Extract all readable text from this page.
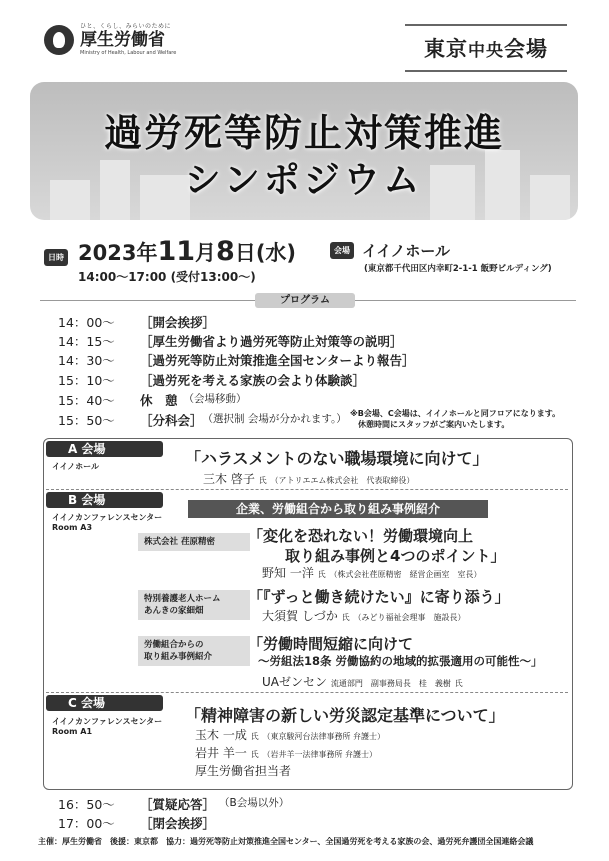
ひと、くらし、みらいのために
厚生労働省
Ministry of Health, Labour and Welfare	東京中央会場
過労死等防止対策推進
シンポジウム
日時 2023年11月8日(水)
14:00～17:00 (受付13:00～)
会場 イイノホール
(東京都千代田区内幸町2-1-1 飯野ビルディング)
プログラム
14：00～	［開会挨拶］
14：15～	［厚生労働省より過労死等防止対策等の説明］
14：30～	［過労死等防止対策推進全国センターより報告］
15：10～	［過労死を考える家族の会より体験談］
15：40～	休　憩 （会場移動）
15：50～	［分科会］ （選択制 会場が分かれます。） ※B会場、C会場は、イイノホールと同フロアになります。
休憩時間にスタッフがご案内いたします。
A 会場
イイノホール	「ハラスメントのない職場環境に向けて」
三木 啓子 氏 （アトリエエム株式会社　代表取締役）
B 会場
イイノカンファレンスセンター
Room A3
企業、労働組合から取り組み事例紹介
株式会社 荏原精密	「変化を恐れない！労働環境向上
取り組み事例と4つのポイント」
野知 一洋 氏 （株式会社荏原精密　経営企画室　室長）
特別養護老人ホーム
あんきの家細畑
「『ずっと働き続けたい』に寄り添う」
大須賀 しづか 氏 （みどり福祉会理事　施設長）
労働組合からの
取り組み事例紹介
「労働時間短縮に向けて
～労組法18条 労働協約の地域的拡張適用の可能性～」
UAゼンセン 流通部門　副事務局長　桂　義樹 氏
C 会場
イイノカンファレンスセンター
Room A1
「精神障害の新しい労災認定基準について」
玉木 一成 氏 （東京駿河台法律事務所 弁護士）
岩井 羊一 氏 （岩井羊一法律事務所 弁護士）
厚生労働省担当者
16：50～	［質疑応答］ （B会場以外）
17：00～	［閉会挨拶］
主催：厚生労働省　後援：東京都　協力：過労死等防止対策推進全国センター、全国過労死を考える家族の会、過労死弁護団全国連絡会議
